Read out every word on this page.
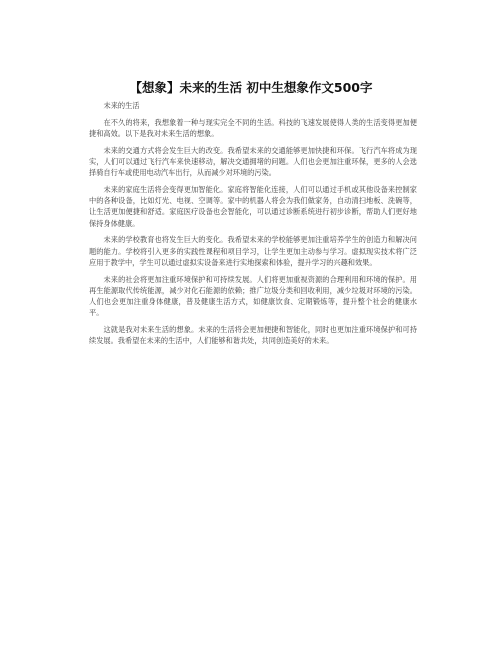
【想象】未来的生活 初中生想象作文500字

未来的生活

在不久的将来，我想象着一种与现实完全不同的生活。科技的飞速发展使得人类的生活变得更加便捷和高效。以下是我对未来生活的想象。

未来的交通方式将会发生巨大的改变。我希望未来的交通能够更加快捷和环保。飞行汽车将成为现实，人们可以通过飞行汽车来快速移动，解决交通拥堵的问题。人们也会更加注重环保，更多的人会选择骑自行车或使用电动汽车出行，从而减少对环境的污染。

未来的家庭生活将会变得更加智能化。家庭将智能化连接，人们可以通过手机或其他设备来控制家中的各种设备，比如灯光、电视、空调等。家中的机器人将会为我们做家务，自动清扫地板、洗碗等，让生活更加便捷和舒适。家庭医疗设备也会智能化，可以通过诊断系统进行初步诊断，帮助人们更好地保持身体健康。

未来的学校教育也将发生巨大的变化。我希望未来的学校能够更加注重培养学生的创造力和解决问题的能力。学校将引入更多的实践性课程和项目学习，让学生更加主动参与学习。虚拟现实技术将广泛应用于教学中，学生可以通过虚拟实设备来进行实地探索和体验，提升学习的兴趣和效果。

未来的社会将更加注重环境保护和可持续发展。人们将更加重视资源的合理利用和环境的保护。用再生能源取代传统能源，减少对化石能源的依赖；推广垃圾分类和回收利用，减少垃圾对环境的污染。人们也会更加注重身体健康，普及健康生活方式，如健康饮食、定期锻炼等，提升整个社会的健康水平。

这就是我对未来生活的想象。未来的生活将会更加便捷和智能化，同时也更加注重环境保护和可持续发展。我希望在未来的生活中，人们能够和谐共处，共同创造美好的未来。
